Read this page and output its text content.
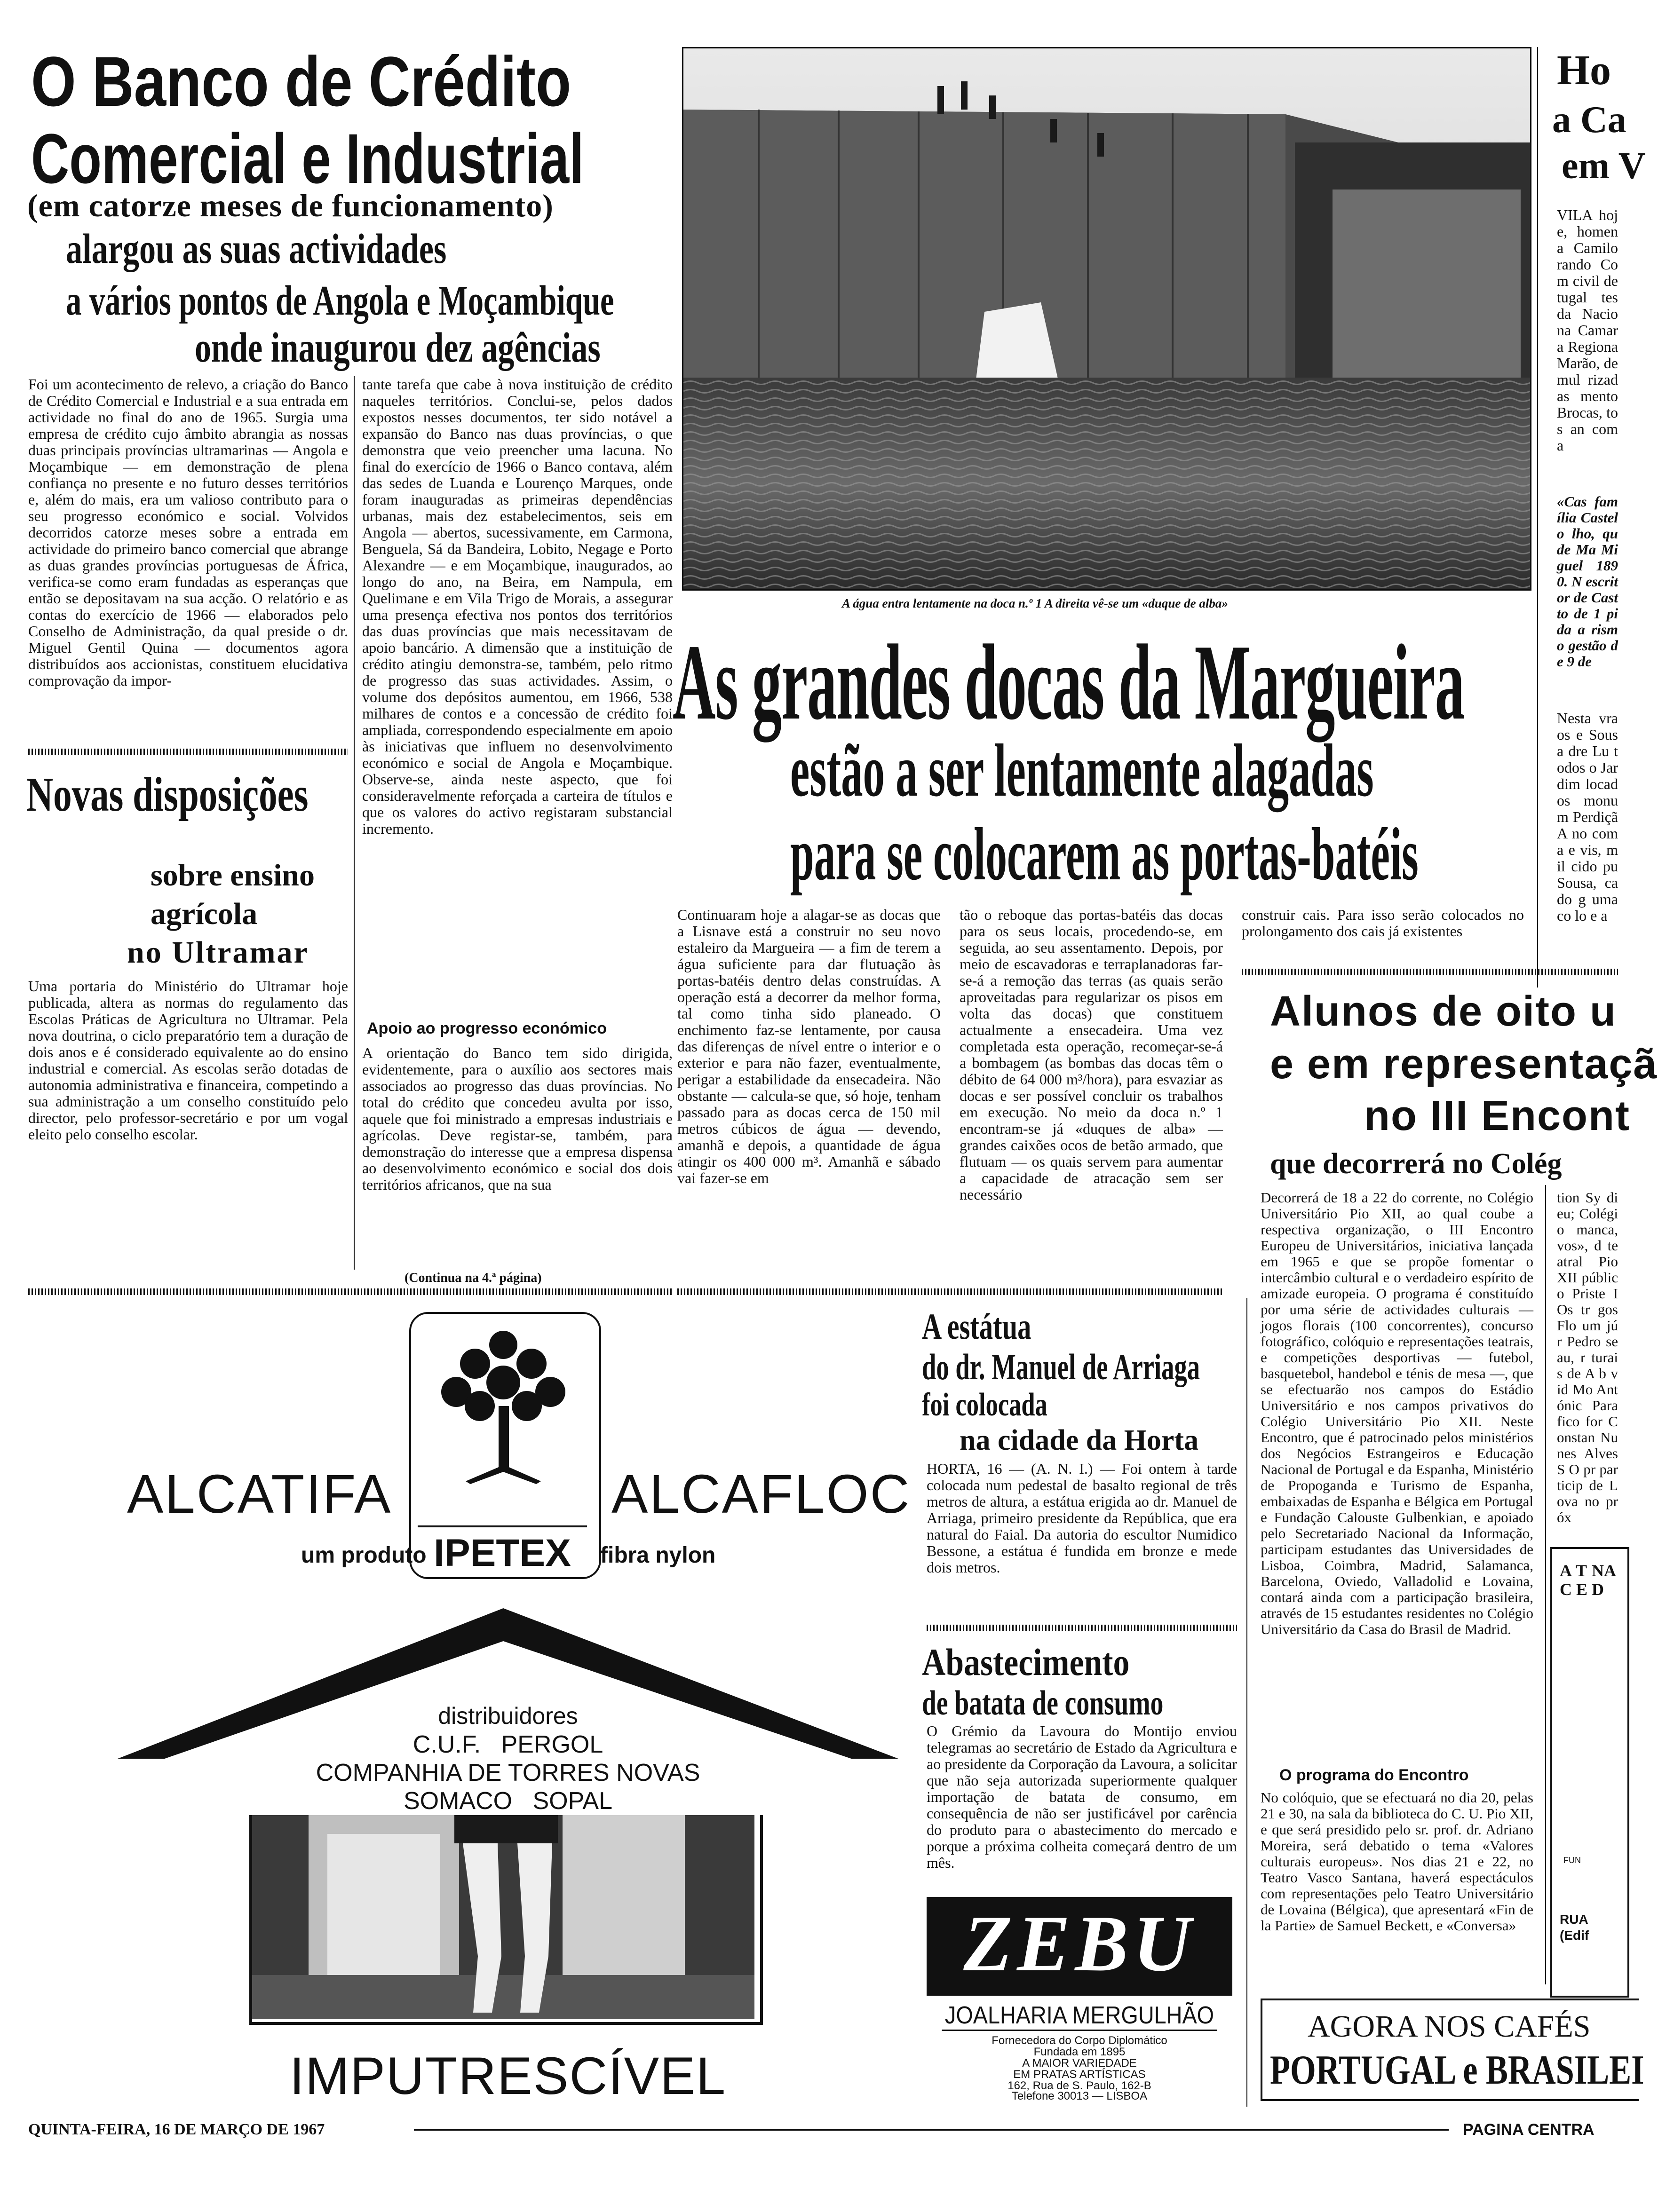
O Banco de Crédito
Comercial e Industrial
(em catorze meses de funcionamento)
alargou as suas actividades
a vários pontos de Angola e Moçambique
onde inaugurou dez agências
Foi um acontecimento de relevo, a criação do Banco de Crédito Comercial e Industrial e a sua entrada em actividade no final do ano de 1965. Surgia uma empresa de crédito cujo âmbito abrangia as nossas duas principais províncias ultramarinas — Angola e Moçambique — em demonstração de plena confiança no presente e no futuro desses territórios e, além do mais, era um valioso contributo para o seu progresso económico e social. Volvidos decorridos catorze meses sobre a entrada em actividade do primeiro banco comercial que abrange as duas grandes províncias portuguesas de África, verifica-se como eram fundadas as esperanças que então se depositavam na sua acção. O relatório e as contas do exercício de 1966 — elaborados pelo Conselho de Administração, da qual preside o dr. Miguel Gentil Quina — documentos agora distribuídos aos accionistas, constituem elucidativa comprovação da impor-
tante tarefa que cabe à nova instituição de crédito naqueles territórios. Conclui-se, pelos dados expostos nesses documentos, ter sido notável a expansão do Banco nas duas províncias, o que demonstra que veio preencher uma lacuna. No final do exercício de 1966 o Banco contava, além das sedes de Luanda e Lourenço Marques, onde foram inauguradas as primeiras dependências urbanas, mais dez estabelecimentos, seis em Angola — abertos, sucessivamente, em Carmona, Benguela, Sá da Bandeira, Lobito, Negage e Porto Alexandre — e em Moçambique, inaugurados, ao longo do ano, na Beira, em Nampula, em Quelimane e em Vila Trigo de Morais, a assegurar uma presença efectiva nos pontos dos territórios das duas províncias que mais necessitavam de apoio bancário. A dimensão que a instituição de crédito atingiu demonstra-se, também, pelo ritmo de progresso das suas actividades. Assim, o volume dos depósitos aumentou, em 1966, 538 milhares de contos e a concessão de crédito foi ampliada, correspondendo especialmente em apoio às iniciativas que influem no desenvolvimento económico e social de Angola e Moçambique. Observe-se, ainda neste aspecto, que foi consideravelmente reforçada a carteira de títulos e que os valores do activo registaram substancial incremento.
Apoio ao progresso económico
A orientação do Banco tem sido dirigida, evidentemente, para o auxílio aos sectores mais associados ao progresso das duas províncias. No total do crédito que concedeu avulta por isso, aquele que foi ministrado a empresas industriais e agrícolas. Deve registar-se, também, para demonstração do interesse que a empresa dispensa ao desenvolvimento económico e social dos dois territórios africanos, que na sua
(Continua na 4.ª página)
Novas disposições
sobre ensino
agrícola
no Ultramar
Uma portaria do Ministério do Ultramar hoje publicada, altera as normas do regulamento das Escolas Práticas de Agricultura no Ultramar. Pela nova doutrina, o ciclo preparatório tem a duração de dois anos e é considerado equivalente ao do ensino industrial e comercial. As escolas serão dotadas de autonomia administrativa e financeira, competindo a sua administração a um conselho constituído pelo director, pelo professor-secretário e por um vogal eleito pelo conselho escolar.
A água entra lentamente na doca n.º 1 A direita vê-se um «duque de alba»
As grandes docas da Margueira
estão a ser lentamente alagadas
para se colocarem as portas-batéis
Continuaram hoje a alagar-se as docas que a Lisnave está a construir no seu novo estaleiro da Margueira — a fim de terem a água suficiente para dar flutuação às portas-batéis dentro delas construídas. A operação está a decorrer da melhor forma, tal como tinha sido planeado. O enchimento faz-se lentamente, por causa das diferenças de nível entre o interior e o exterior e para não fazer, eventualmente, perigar a estabilidade da ensecadeira. Não obstante — calcula-se que, só hoje, tenham passado para as docas cerca de 150 mil metros cúbicos de água — devendo, amanhã e depois, a quantidade de água atingir os 400 000 m³. Amanhã e sábado vai fazer-se em
tão o reboque das portas-batéis das docas para os seus locais, procedendo-se, em seguida, ao seu assentamento. Depois, por meio de escavadoras e terraplanadoras far-se-á a remoção das terras (as quais serão aproveitadas para regularizar os pisos em volta das docas) que constituem actualmente a ensecadeira. Uma vez completada esta operação, recomeçar-se-á a bombagem (as bombas das docas têm o débito de 64 000 m³/hora), para esvaziar as docas e ser possível concluir os trabalhos em execução. No meio da doca n.º 1 encontram-se já «duques de alba» — grandes caixões ocos de betão armado, que flutuam — os quais servem para aumentar a capacidade de atracação sem ser necessário
construir cais. Para isso serão colocados no prolongamento dos cais já existentes
ALCATIFA	ALCAFLOC
um produto IPETEX	fibra nylon
distribuidores
C.U.F.   PERGOL
COMPANHIA DE TORRES NOVAS
SOMACO   SOPAL
IMPUTRESCÍVEL
A estátua
do dr. Manuel de Arriaga
foi colocada
na cidade da Horta
HORTA, 16 — (A. N. I.) — Foi ontem à tarde colocada num pedestal de basalto regional de três metros de altura, a estátua erigida ao dr. Manuel de Arriaga, primeiro presidente da República, que era natural do Faial. Da autoria do escultor Numidico Bessone, a estátua é fundida em bronze e mede dois metros.
Abastecimento
de batata de consumo
O Grémio da Lavoura do Montijo enviou telegramas ao secretário de Estado da Agricultura e ao presidente da Corporação da Lavoura, a solicitar que não seja autorizada superiormente qualquer importação de batata de consumo, em consequência de não ser justificável por carência do produto para o abastecimento do mercado e porque a próxima colheita começará dentro de um mês.
ZEBU
JOALHARIA MERGULHÃO
Fornecedora do Corpo Diplomático
Fundada em 1895
A MAIOR VARIEDADE
EM PRATAS ARTÍSTICAS
162, Rua de S. Paulo, 162-B
Telefone 30013 — LISBOA
Alunos de oito u
e em representaçã
no III Encont
que decorrerá no Colég
Decorrerá de 18 a 22 do corrente, no Colégio Universitário Pio XII, ao qual coube a respectiva organização, o III Encontro Europeu de Universitários, iniciativa lançada em 1965 e que se propõe fomentar o intercâmbio cultural e o verdadeiro espírito de amizade europeia. O programa é constituído por uma série de actividades culturais — jogos florais (100 concorrentes), concurso fotográfico, colóquio e representações teatrais, e competições desportivas — futebol, basquetebol, handebol e ténis de mesa —, que se efectuarão nos campos do Estádio Universitário e nos campos privativos do Colégio Universitário Pio XII. Neste Encontro, que é patrocinado pelos ministérios dos Negócios Estrangeiros e Educação Nacional de Portugal e da Espanha, Ministério de Propoganda e Turismo de Espanha, embaixadas de Espanha e Bélgica em Portugal e Fundação Calouste Gulbenkian, e apoiado pelo Secretariado Nacional da Informação, participam estudantes das Universidades de Lisboa, Coimbra, Madrid, Salamanca, Barcelona, Oviedo, Valladolid e Lovaina, contará ainda com a participação brasileira, através de 15 estudantes residentes no Colégio Universitário da Casa do Brasil de Madrid.
O programa do Encontro
No colóquio, que se efectuará no dia 20, pelas 21 e 30, na sala da biblioteca do C. U. Pio XII, e que será presidido pelo sr. prof. dr. Adriano Moreira, será debatido o tema «Valores culturais europeus». Nos dias 21 e 22, no Teatro Vasco Santana, haverá espectáculos com representações pelo Teatro Universitário de Lovaina (Bélgica), que apresentará «Fin de la Partie» de Samuel Beckett, e «Conversa»
tion Sy dieu; Colégio manca, vos», d teatral Pio XII público Priste I Os tr gos Flo um júr Pedro seau, r turais de A b vid Mo Antónic Para fico for Constan Nunes Alves S O pr particip de Lova no próx
Ho
a Ca
em V
VILA hoje, homena Camilo rando Com civil de tugal tes da Naciona Camara Regiona Marão, de mul rizadas mento Brocas, tos an com a
«Cas família Castelo lho, qu de Ma Miguel 1890. N escritor de Cast to de 1 pida a rismo gestão de 9 de
Nesta vra os e Sousa dre Lu todos o Jardim locados monum Perdiçã A no com a e vis, mil cido pu Sousa, ca do g uma co lo e a
A T NAC E D
FUN
RUA
(Edif
AGORA NOS CAFÉS
PORTUGAL e BRASILEI
QUINTA-FEIRA, 16 DE MARÇO DE 1967	PAGINA CENTRA
